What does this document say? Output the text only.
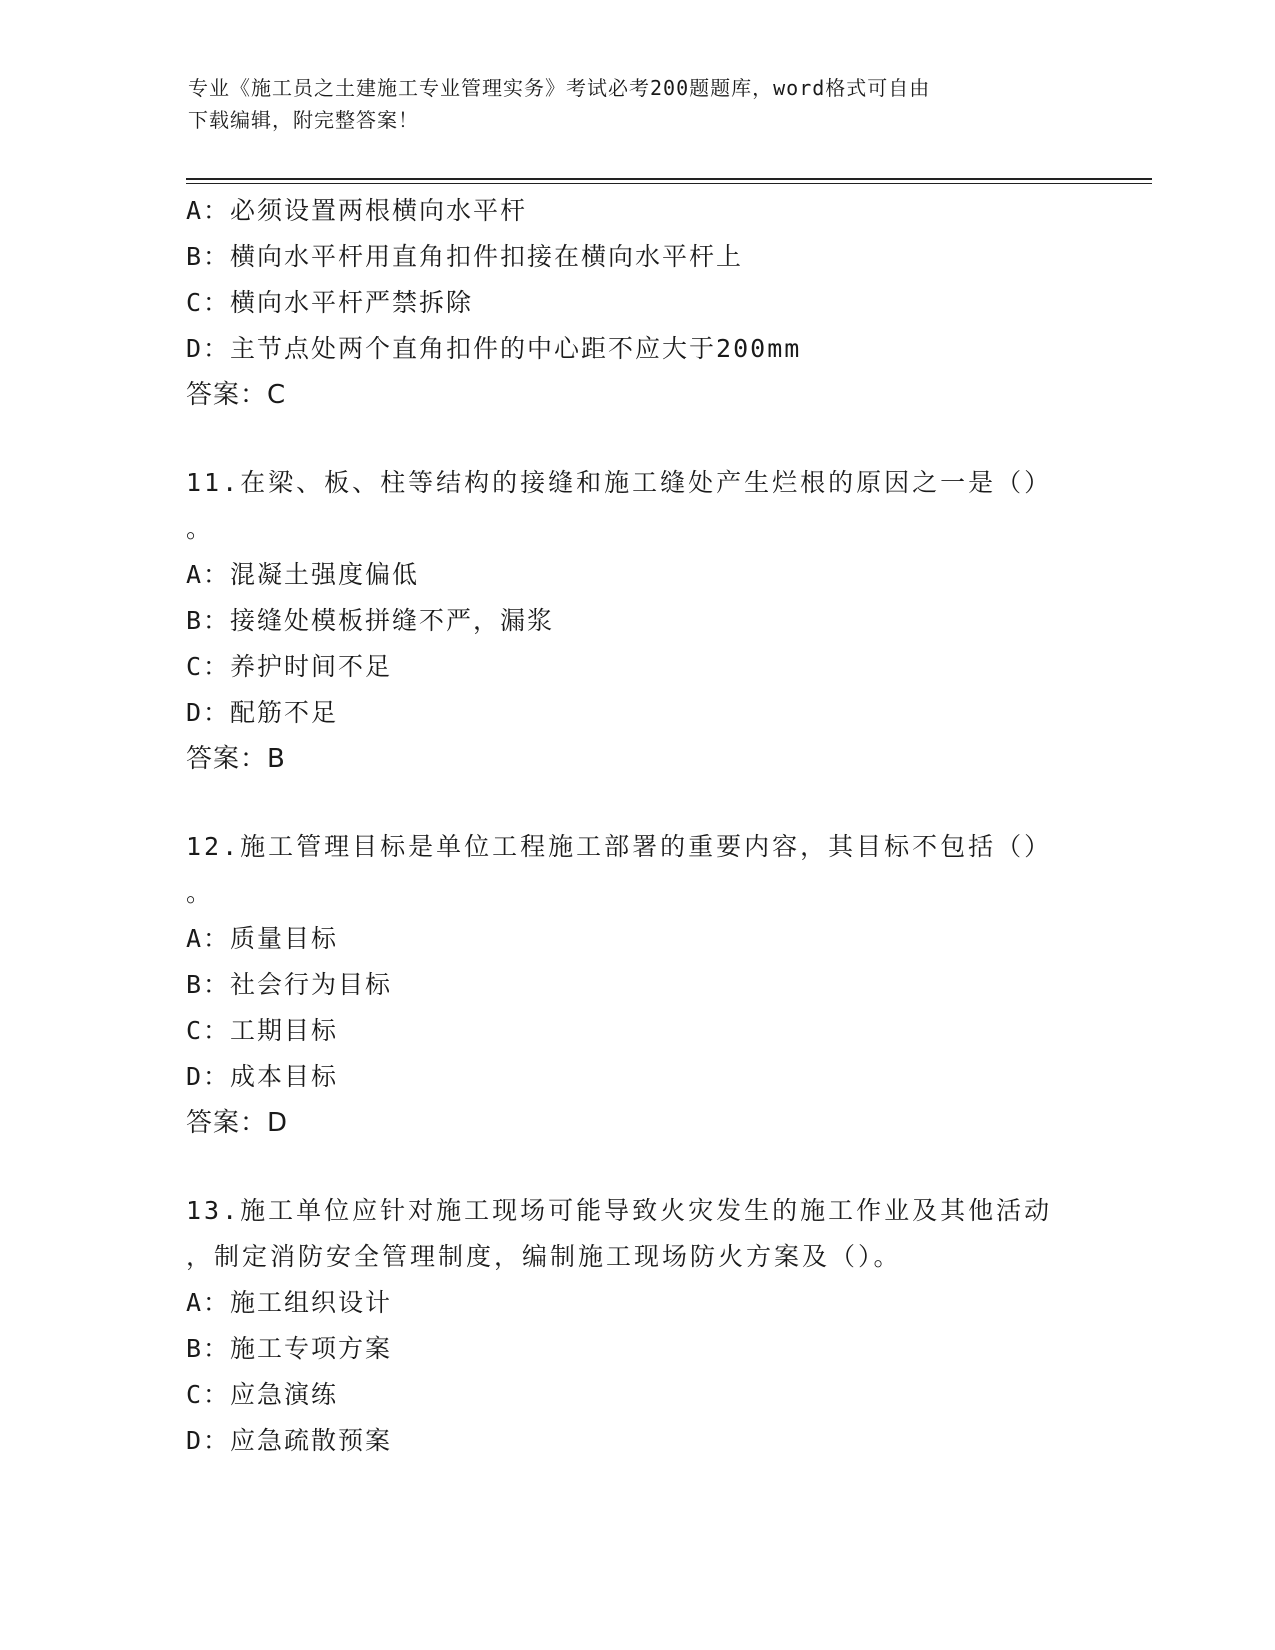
专业《施工员之土建施工专业管理实务》考试必考200题题库，word格式可自由
下载编辑，附完整答案！
A：必须设置两根横向水平杆
B：横向水平杆用直角扣件扣接在横向水平杆上
C：横向水平杆严禁拆除
D：主节点处两个直角扣件的中心距不应大于200mm
答案：C
11.在梁、板、柱等结构的接缝和施工缝处产生烂根的原因之一是（）
。
A：混凝土强度偏低
B：接缝处模板拼缝不严，漏浆
C：养护时间不足
D：配筋不足
答案：B
12.施工管理目标是单位工程施工部署的重要内容，其目标不包括（）
。
A：质量目标
B：社会行为目标
C：工期目标
D：成本目标
答案：D
13.施工单位应针对施工现场可能导致火灾发生的施工作业及其他活动
，制定消防安全管理制度，编制施工现场防火方案及（）。
A：施工组织设计
B：施工专项方案
C：应急演练
D：应急疏散预案
